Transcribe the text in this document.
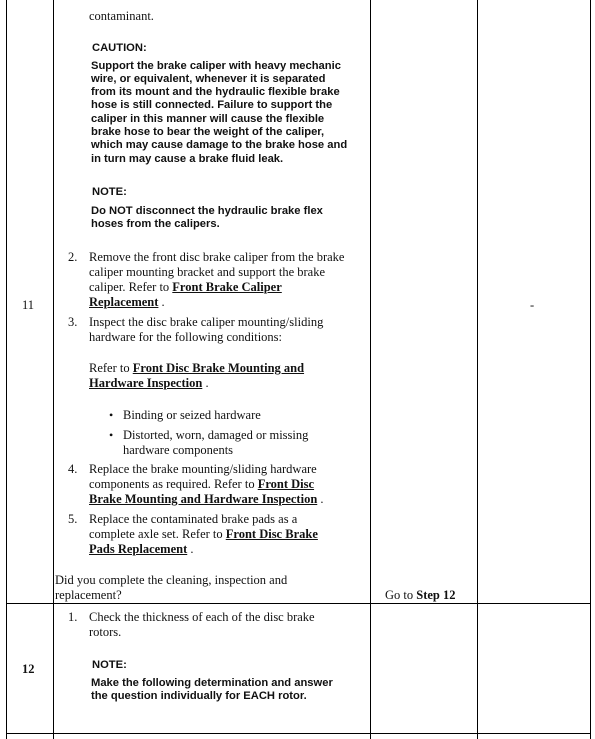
11
contaminant.
CAUTION:
Support the brake caliper with heavy mechanic
wire, or equivalent, whenever it is separated
from its mount and the hydraulic flexible brake
hose is still connected. Failure to support the
caliper in this manner will cause the flexible
brake hose to bear the weight of the caliper,
which may cause damage to the brake hose and
in turn may cause a brake fluid leak.
NOTE:
Do NOT disconnect the hydraulic brake flex
hoses from the calipers.
2. Remove the front disc brake caliper from the brake
caliper mounting bracket and support the brake
caliper. Refer to Front Brake Caliper
Replacement .
3. Inspect the disc brake caliper mounting/sliding
hardware for the following conditions:
Refer to Front Disc Brake Mounting and
Hardware Inspection .
• Binding or seized hardware
• Distorted, worn, damaged or missing
hardware components
4. Replace the brake mounting/sliding hardware
components as required. Refer to Front Disc
Brake Mounting and Hardware Inspection .
5. Replace the contaminated brake pads as a
complete axle set. Refer to Front Disc Brake
Pads Replacement .
Did you complete the cleaning, inspection and
replacement?	Go to Step 12
-
12
1. Check the thickness of each of the disc brake
rotors.
NOTE:
Make the following determination and answer
the question individually for EACH rotor.
